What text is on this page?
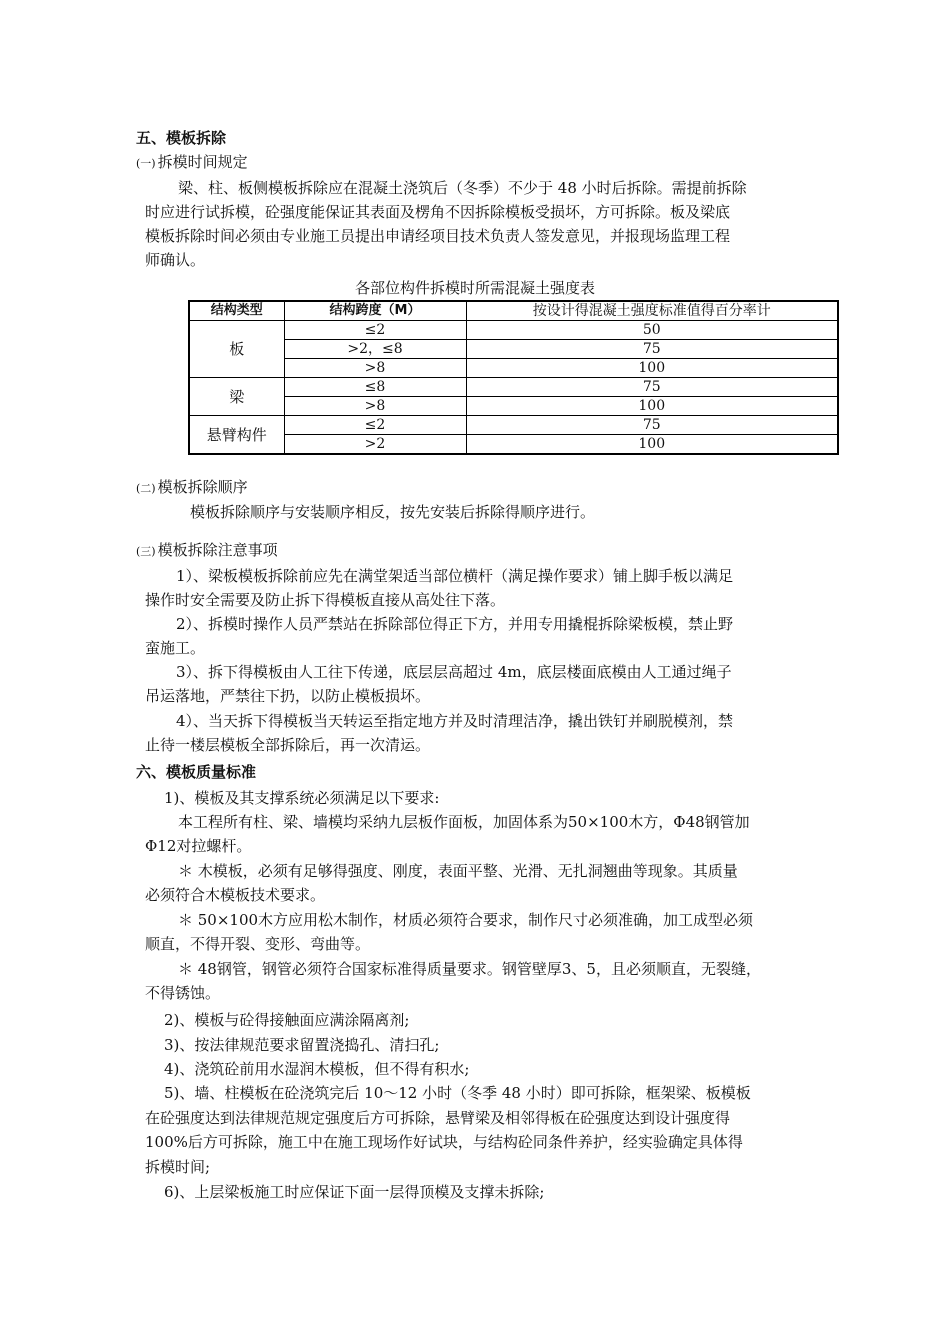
五、模板拆除
(一) 拆模时间规定
梁、柱、板侧模板拆除应在混凝土浇筑后（冬季）不少于 48 小时后拆除。需提前拆除
时应进行试拆模，砼强度能保证其表面及楞角不因拆除模板受损坏，方可拆除。板及梁底
模板拆除时间必须由专业施工员提出申请经项目技术负责人签发意见，并报现场监理工程
师确认。
各部位构件拆模时所需混凝土强度表
结构类型	结构跨度（M）	按设计得混凝土强度标准值得百分率计
板	≤2	50
	>2，≤8	75
	>8	100
梁	≤8	75
	>8	100
悬臂构件	≤2	75
	>2	100
(二) 模板拆除顺序
模板拆除顺序与安装顺序相反，按先安装后拆除得顺序进行。
(三) 模板拆除注意事项
1）、梁板模板拆除前应先在满堂架适当部位横杆（满足操作要求）铺上脚手板以满足
操作时安全需要及防止拆下得模板直接从高处往下落。
2）、拆模时操作人员严禁站在拆除部位得正下方，并用专用撬棍拆除梁板模，禁止野
蛮施工。
3）、拆下得模板由人工往下传递，底层层高超过 4m，底层楼面底模由人工通过绳子
吊运落地，严禁往下扔，以防止模板损坏。
4）、当天拆下得模板当天转运至指定地方并及时清理洁净，撬出铁钉并刷脱模剂，禁
止待一楼层模板全部拆除后，再一次清运。
六、模板质量标准
1)、模板及其支撑系统必须满足以下要求:
本工程所有柱、梁、墙模均采纳九层板作面板，加固体系为50×100木方，Φ48钢管加
Φ12对拉螺杆。
＊ 木模板，必须有足够得强度、刚度，表面平整、光滑、无扎洞翘曲等现象。其质量
必须符合木模板技术要求。
＊ 50×100木方应用松木制作，材质必须符合要求，制作尺寸必须准确，加工成型必须
顺直，不得开裂、变形、弯曲等。
＊ 48钢管，钢管必须符合国家标准得质量要求。钢管壁厚3、5，且必须顺直，无裂缝，
不得锈蚀。
2)、模板与砼得接触面应满涂隔离剂;
3)、按法律规范要求留置浇捣孔、清扫孔;
4)、浇筑砼前用水湿润木模板，但不得有积水;
5)、墙、柱模板在砼浇筑完后 10～12 小时（冬季 48 小时）即可拆除，框架梁、板模板
在砼强度达到法律规范规定强度后方可拆除，悬臂梁及相邻得板在砼强度达到设计强度得
100%后方可拆除，施工中在施工现场作好试块，与结构砼同条件养护，经实验确定具体得
拆模时间;
6)、上层梁板施工时应保证下面一层得顶模及支撑未拆除;
